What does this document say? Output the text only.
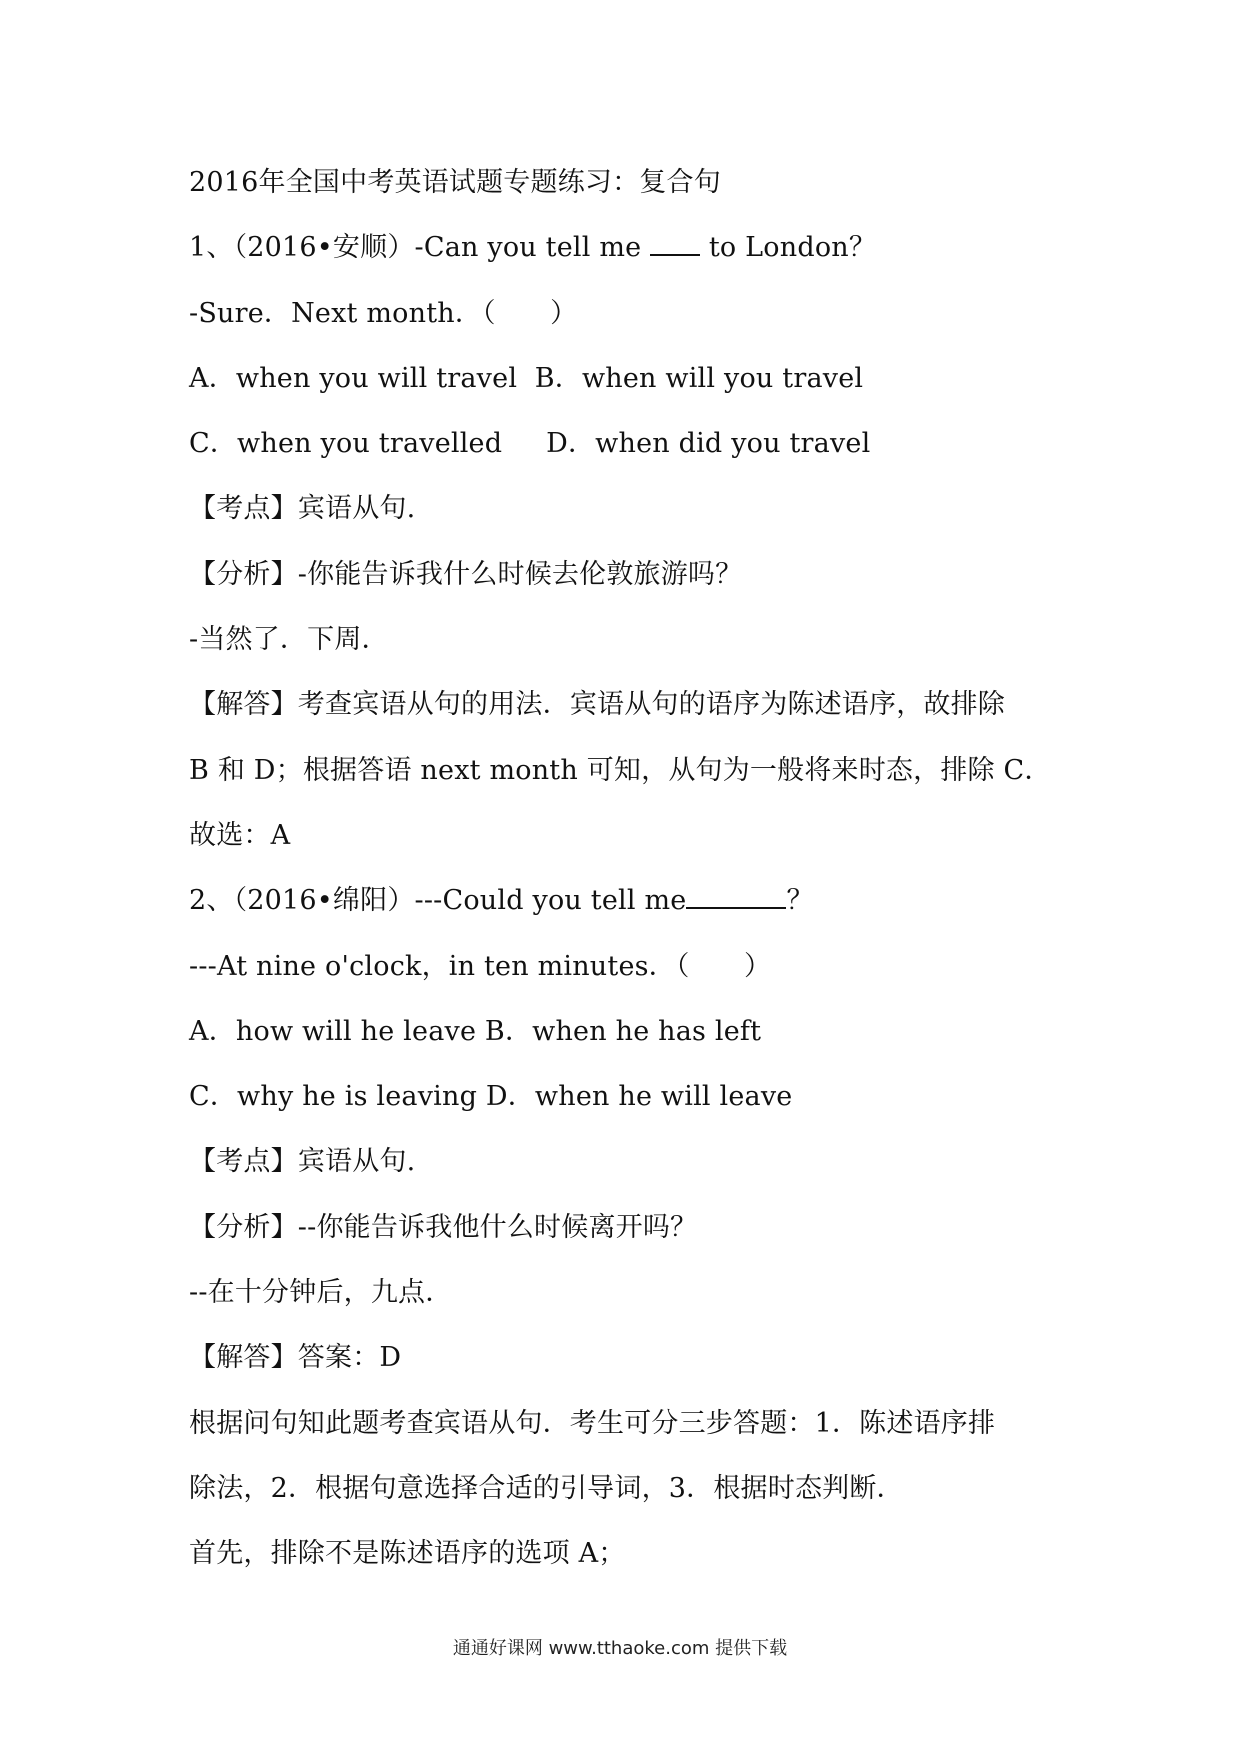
2016年全国中考英语试题专题练习：复合句
1、（2016•安顺）-Can you tell me  to London？
-Sure．Next month．（　　）
A．when you will travel  B．when will you travel
C．when you travelled     D．when did you travel
【考点】宾语从句.
【分析】-你能告诉我什么时候去伦敦旅游吗？
-当然了．下周．
【解答】考查宾语从句的用法．宾语从句的语序为陈述语序，故排除
B 和 D；根据答语 next month 可知，从句为一般将来时态，排除 C．
故选：A
2、（2016•绵阳）---Could you tell me	？
---At nine o'clock，in ten minutes．（　　）
A．how will he leave B．when he has left
C．why he is leaving D．when he will leave
【考点】宾语从句.
【分析】--你能告诉我他什么时候离开吗？
--在十分钟后，九点．
【解答】答案：D
根据问句知此题考查宾语从句．考生可分三步答题：1．陈述语序排
除法，2．根据句意选择合适的引导词，3．根据时态判断．
首先，排除不是陈述语序的选项 A；
通通好课网 www.tthaoke.com 提供下载
